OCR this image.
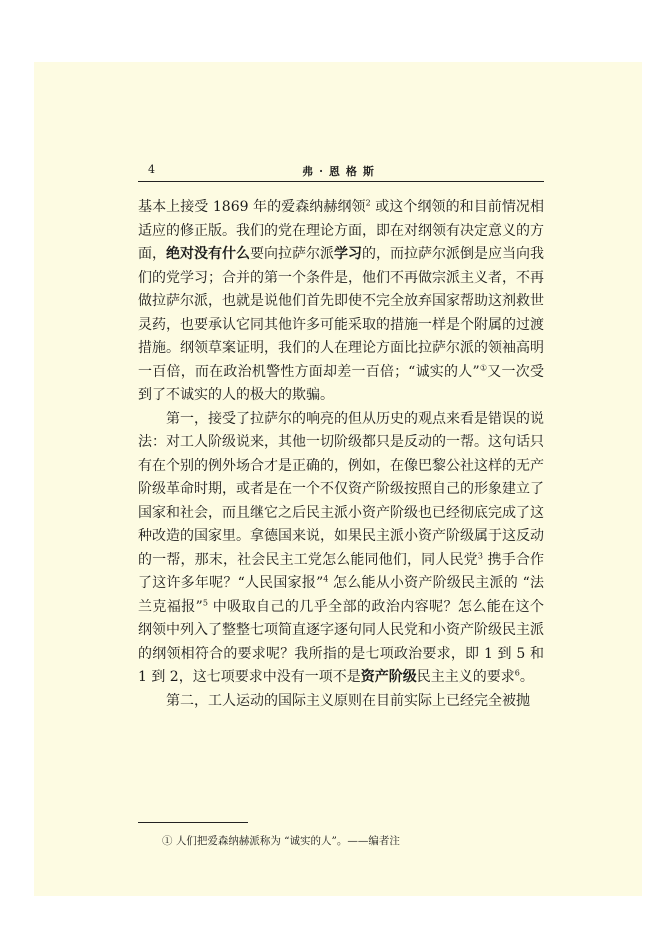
4	弗·恩格斯

基本上接受 1869 年的爱森纳赫纲领$^2$ 或这个纲领的和目前情况相适应的修正版。我们的党在理论方面，即在对纲领有决定意义的方面，绝对没有什么要向拉萨尔派学习的，而拉萨尔派倒是应当向我们的党学习；合并的第一个条件是，他们不再做宗派主义者，不再做拉萨尔派，也就是说他们首先即使不完全放弃国家帮助这剂救世灵药，也要承认它同其他许多可能采取的措施一样是个附属的过渡措施。纲领草案证明，我们的人在理论方面比拉萨尔派的领袖高明一百倍，而在政治机警性方面却差一百倍；“诚实的人”①又一次受到了不诚实的人的极大的欺骗。

第一，接受了拉萨尔的响亮的但从历史的观点来看是错误的说法：对工人阶级说来，其他一切阶级都只是反动的一帮。这句话只有在个别的例外场合才是正确的，例如，在像巴黎公社这样的无产阶级革命时期，或者是在一个不仅资产阶级按照自己的形象建立了国家和社会，而且继它之后民主派小资产阶级也已经彻底完成了这种改造的国家里。拿德国来说，如果民主派小资产阶级属于这反动的一帮，那末，社会民主工党怎么能同他们，同人民党$^3$ 携手合作了这许多年呢？“人民国家报”$^4$ 怎么能从小资产阶级民主派的 “法兰克福报”$^5$ 中吸取自己的几乎全部的政治内容呢？怎么能在这个纲领中列入了整整七项简直逐字逐句同人民党和小资产阶级民主派的纲领相符合的要求呢？我所指的是七项政治要求，即 1 到 5 和 1 到 2，这七项要求中没有一项不是资产阶级民主主义的要求$^6$。

第二，工人运动的国际主义原则在目前实际上已经完全被抛

① 人们把爱森纳赫派称为 “诚实的人”。——编者注
